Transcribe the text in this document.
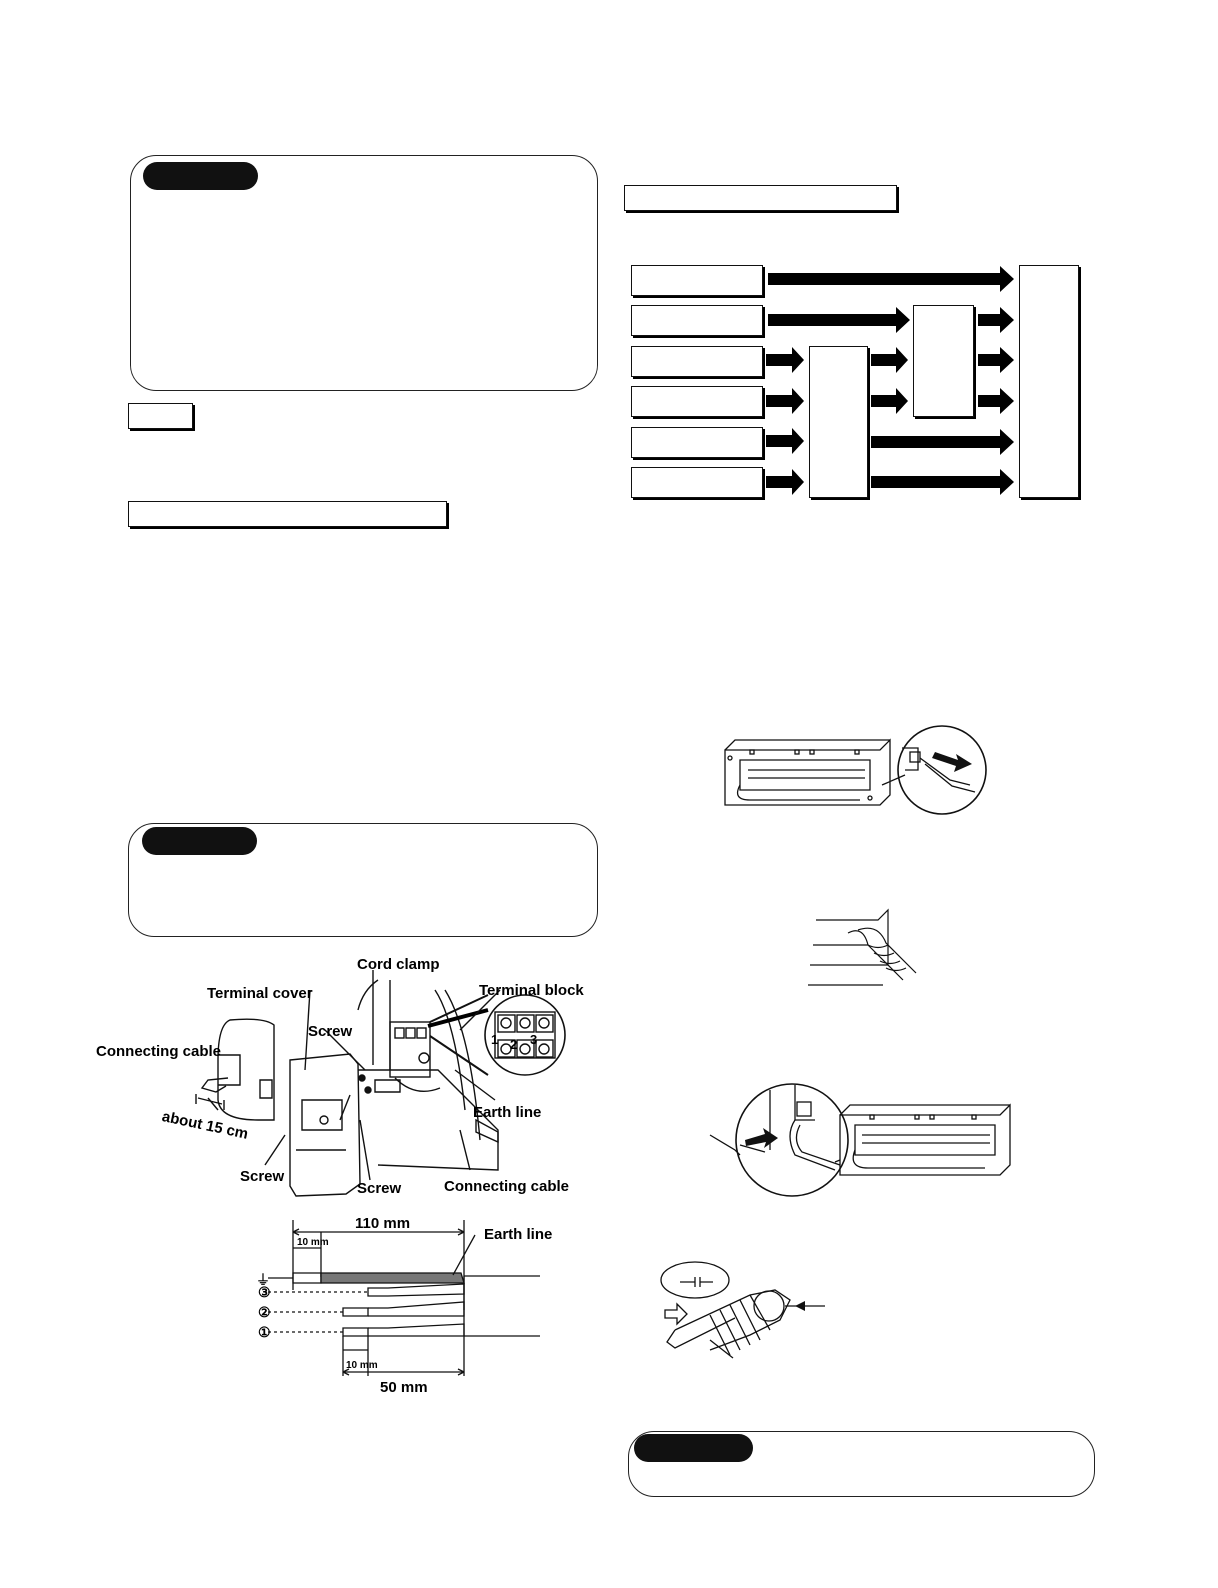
Cord clamp
Terminal cover	Terminal block
Screw
Connecting cable
about 15 cm	Earth line
Screw
Screw	Connecting cable
1 2 3
110 mm
10 mm	Earth line
10 mm
50 mm
⏚
③
②
①
